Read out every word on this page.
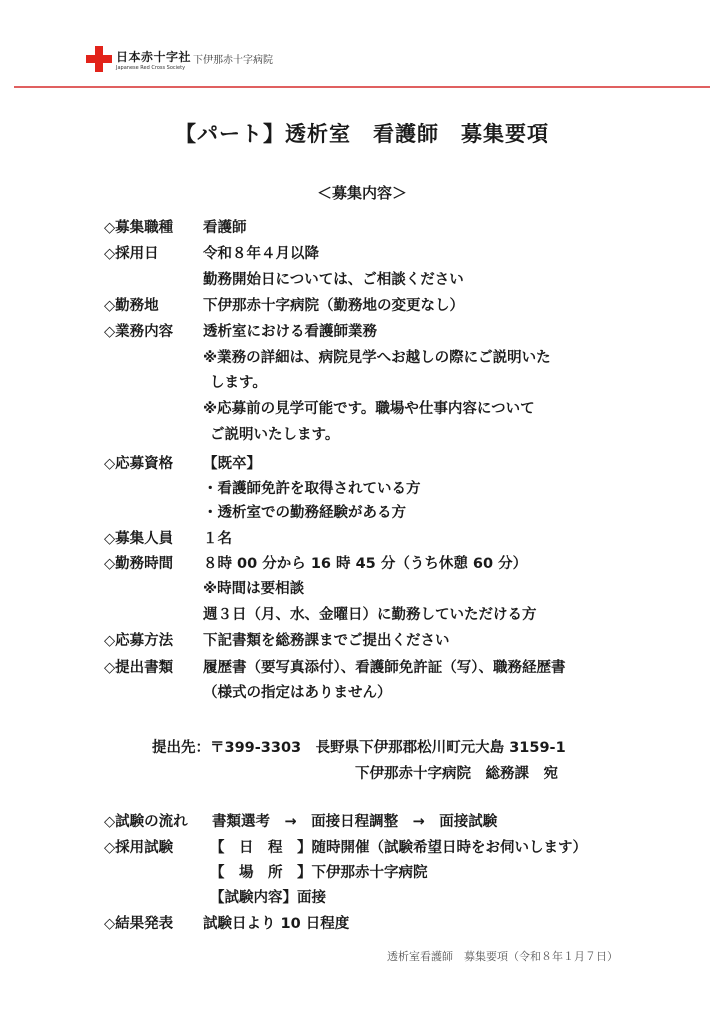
日本赤十字社
Japanese Red Cross Society
下伊那赤十字病院
【パート】透析室　看護師　募集要項
＜募集内容＞
◇募集職種	看護師
◇採用日	令和８年４月以降
勤務開始日については、ご相談ください
◇勤務地	下伊那赤十字病院（勤務地の変更なし）
◇業務内容	透析室における看護師業務
※業務の詳細は、病院見学へお越しの際にご説明いた
します。
※応募前の見学可能です。職場や仕事内容について
ご説明いたします。
◇応募資格	【既卒】
・看護師免許を取得されている方
・透析室での勤務経験がある方
◇募集人員	１名
◇勤務時間	８時 00 分から 16 時 45 分（うち休憩 60 分）
※時間は要相談
週３日（月、水、金曜日）に勤務していただける方
◇応募方法	下記書類を総務課までご提出ください
◇提出書類	履歴書（要写真添付）、看護師免許証（写）、職務経歴書
（様式の指定はありません）
提出先：〒399-3303　長野県下伊那郡松川町元大島 3159-1
下伊那赤十字病院　総務課　宛
◇試験の流れ	書類選考　→　面接日程調整　→　面接試験
◇採用試験	【　日　程　】随時開催（試験希望日時をお伺いします）
【　場　所　】下伊那赤十字病院
【試験内容】面接
◇結果発表	試験日より 10 日程度
透析室看護師　募集要項（令和８年１月７日）
